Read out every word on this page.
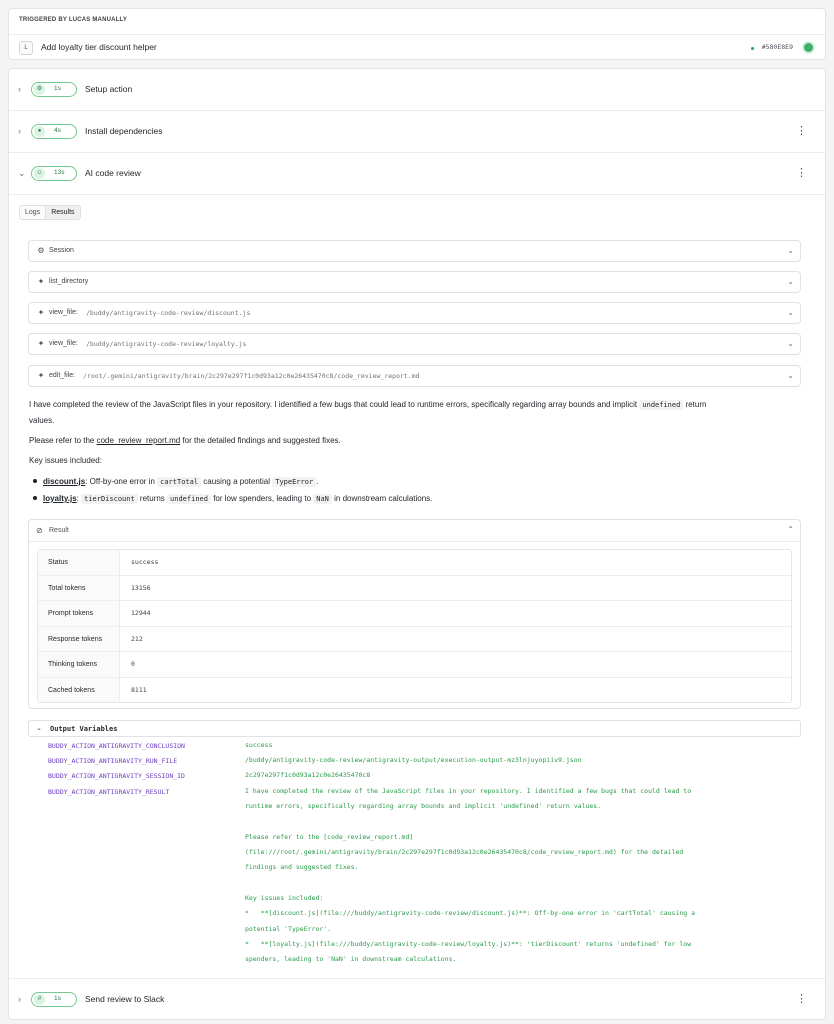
TRIGGERED BY LUCAS MANUALLY
L	Add loyalty tier discount helper	#580E8E9
›	⚙	1s	Setup action
›	●	4s	Install dependencies	⋮
⌄	☺	13s AI code review	⋮
Logs	Results
⚙ Session	⌄
✦ list_directory	⌄
✦ view_file: /buddy/antigravity-code-review/discount.js	⌄
✦ view_file: /buddy/antigravity-code-review/loyalty.js	⌄
✦ edit_file: /root/.gemini/antigravity/brain/2c297e297f1c0d93a12c0e26435470c8/code_review_report.md	⌄
I have completed the review of the JavaScript files in your repository. I identified a few bugs that could lead to runtime errors, specifically regarding array bounds and implicit undefined return
values.
Please refer to the code_review_report.md for the detailed findings and suggested fixes.
Key issues included:
discount.js: Off-by-one error in cartTotal causing a potential TypeError .
loyalty.js: tierDiscount returns undefined for low spenders, leading to NaN in downstream calculations.
⊘ Result	⌃
Status	success
Total tokens	13156
Prompt tokens	12944
Response tokens	212
Thinking tokens	0
Cached tokens	8111
⌄ Output Variables
BUDDY_ACTION_ANTIGRAVITY_CONCLUSION	success
BUDDY_ACTION_ANTIGRAVITY_RUN_FILE	/buddy/antigravity-code-review/antigravity-output/execution-output-mz3lnjuyopiiv9.json
BUDDY_ACTION_ANTIGRAVITY_SESSION_ID	2c297e297f1c0d93a12c0e26435470c8
BUDDY_ACTION_ANTIGRAVITY_RESULT	I have completed the review of the JavaScript files in your repository. I identified a few bugs that could lead to
runtime errors, specifically regarding array bounds and implicit 'undefined' return values.

Please refer to the [code_review_report.md]
(file:///root/.gemini/antigravity/brain/2c297e297f1c0d93a12c0e26435470c8/code_review_report.md) for the detailed
findings and suggested fixes.

Key issues included:
*   **[discount.js](file:///buddy/antigravity-code-review/discount.js)**: Off-by-one error in 'cartTotal' causing a
potential 'TypeError'.
*   **[loyalty.js](file:///buddy/antigravity-code-review/loyalty.js)**: 'tierDiscount' returns 'undefined' for low
spenders, leading to 'NaN' in downstream calculations.
›	#	1s	Send review to Slack	⋮
